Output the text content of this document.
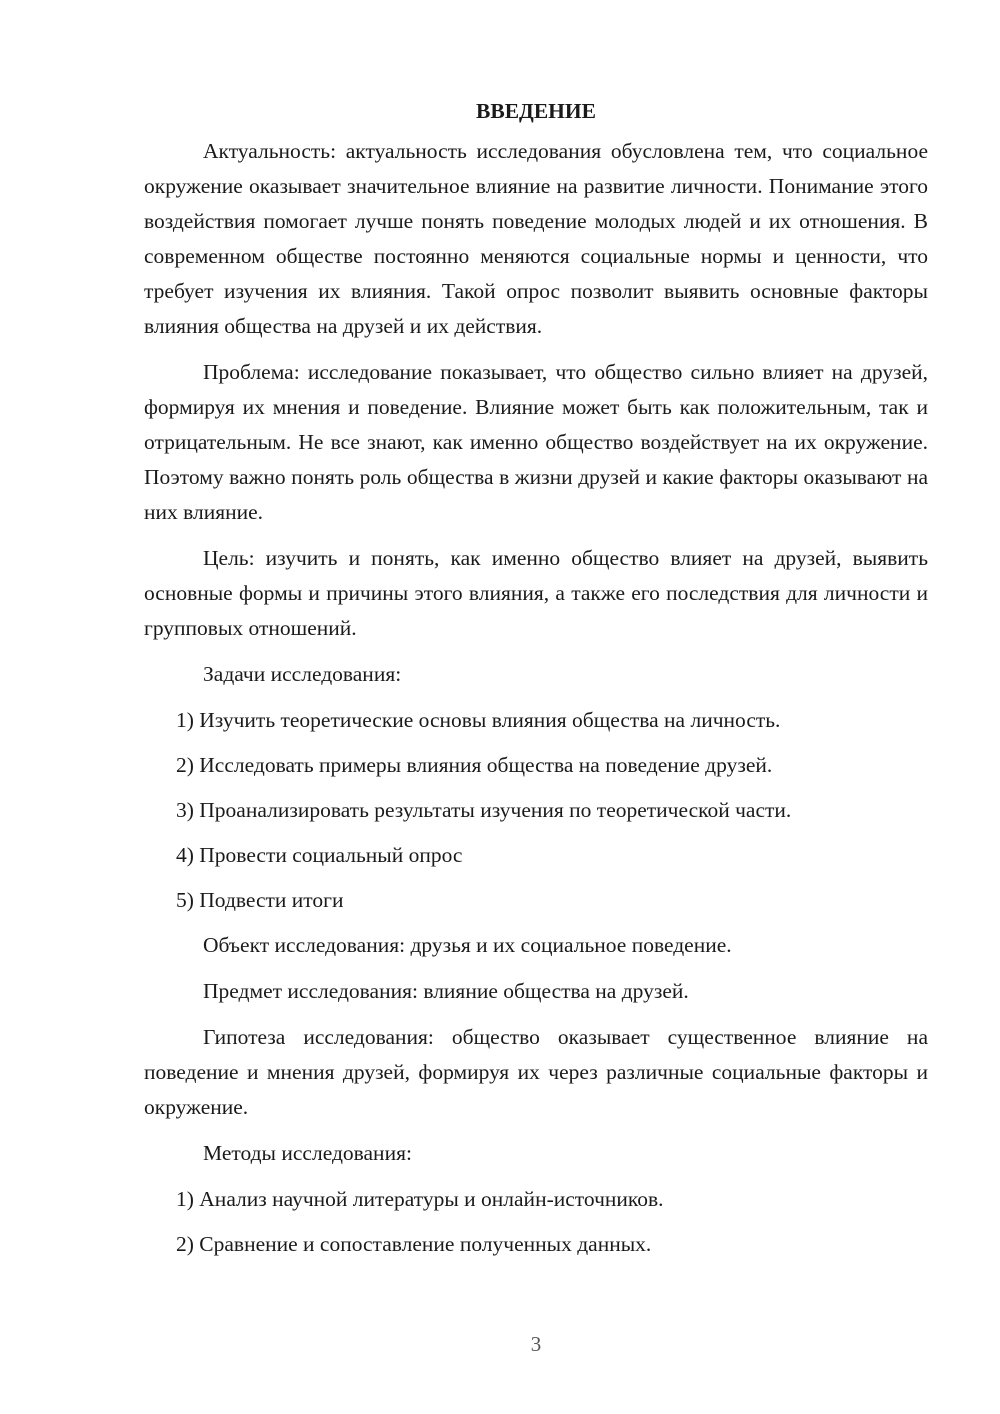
ВВЕДЕНИЕ

Актуальность: актуальность исследования обусловлена тем, что социальное окружение оказывает значительное влияние на развитие личности. Понимание этого воздействия помогает лучше понять поведение молодых людей и их отношения. В современном обществе постоянно меняются социальные нормы и ценности, что требует изучения их влияния. Такой опрос позволит выявить основные факторы влияния общества на друзей и их действия.

Проблема: исследование показывает, что общество сильно влияет на друзей, формируя их мнения и поведение. Влияние может быть как положительным, так и отрицательным. Не все знают, как именно общество воздействует на их окружение. Поэтому важно понять роль общества в жизни друзей и какие факторы оказывают на них влияние.

Цель: изучить и понять, как именно общество влияет на друзей, выявить основные формы и причины этого влияния, а также его последствия для личности и групповых отношений.

Задачи исследования:
1) Изучить теоретические основы влияния общества на личность.
2) Исследовать примеры влияния общества на поведение друзей.
3) Проанализировать результаты изучения по теоретической части.
4) Провести социальный опрос
5) Подвести итоги
Объект исследования: друзья и их социальное поведение.
Предмет исследования: влияние общества на друзей.

Гипотеза исследования: общество оказывает существенное влияние на поведение и мнения друзей, формируя их через различные социальные факторы и окружение.

Методы исследования:
1) Анализ научной литературы и онлайн-источников.
2) Сравнение и сопоставление полученных данных.
3
